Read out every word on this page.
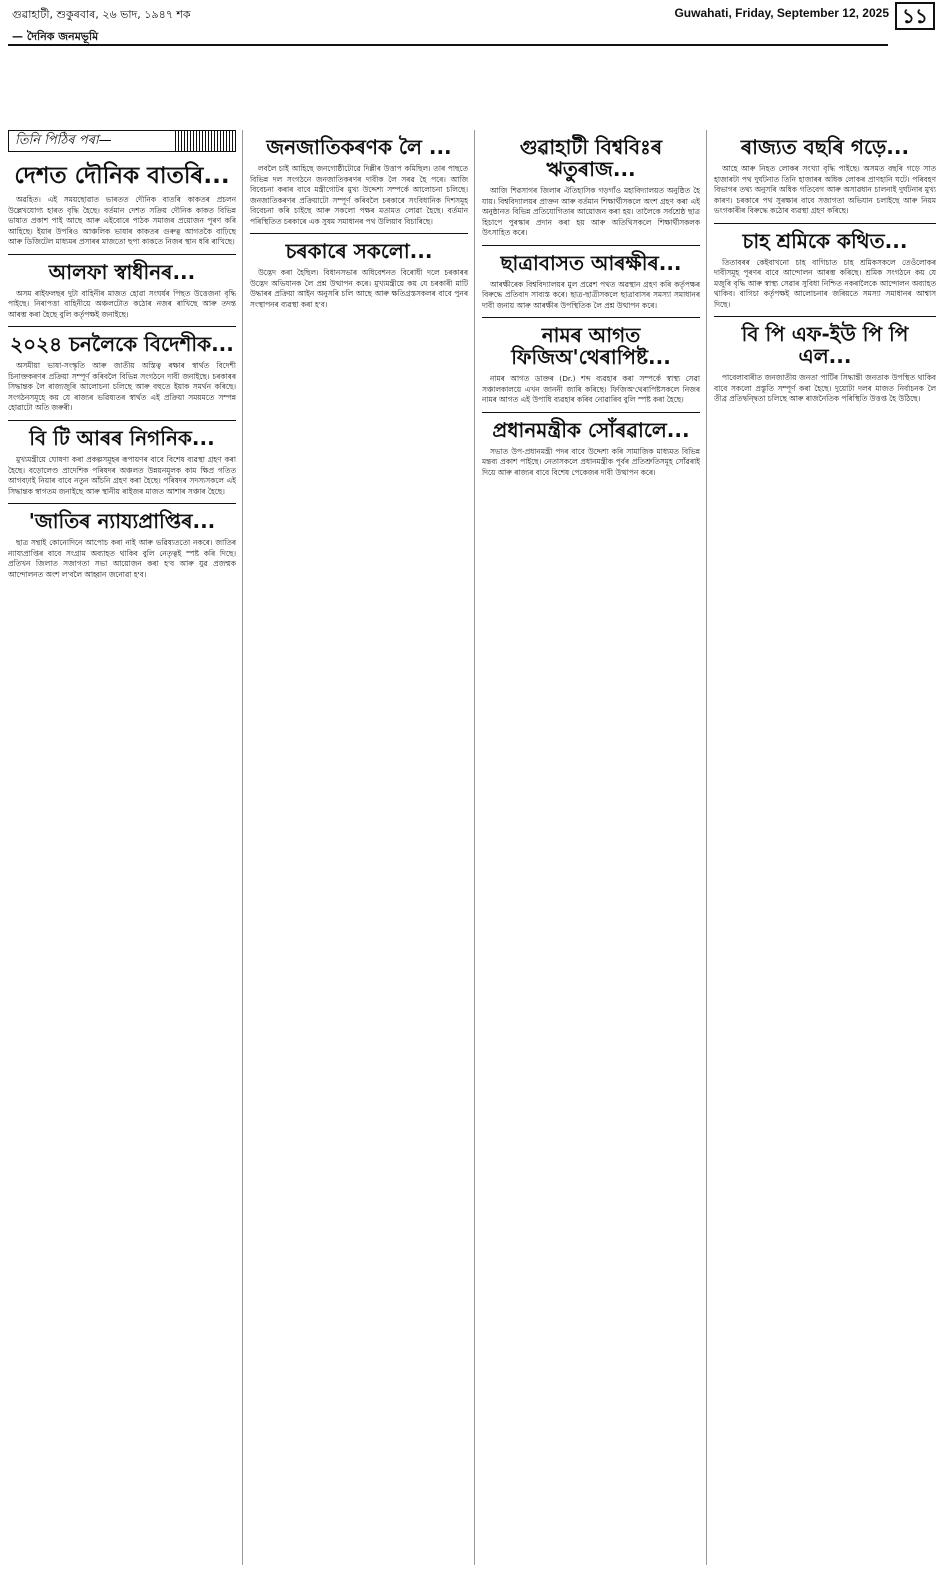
গুৱাহাটী, শুকুৰবাৰ, ২৬ ভাদ, ১৯৪৭ শক	Guwahati, Friday, September 12, 2025 ১১
— দৈনিক জনমভূমি
তিনি পিঠিৰ পৰা—
দেশত দৌনিক বাতৰি...

অৱহিত। এই সময়ছোৱাত ভাৰতত দৌনিক বাতৰি কাকতৰ প্ৰচলন উল্লেখযোগ্য হাৰত বৃদ্ধি হৈছে। বৰ্তমান দেশত সক্ৰিয় দৌনিক কাকত বিভিন্ন ভাষাত প্ৰকাশ পাই আছে আৰু এইবোৰে পাঠক সমাজৰ প্ৰয়োজন পূৰণ কৰি আহিছে। ইয়াৰ উপৰিও আঞ্চলিক ভাষাৰ কাকতৰ গুৰুত্ব আগতকৈ বাঢ়িছে আৰু ডিজিটেল মাধ্যমৰ প্ৰসাৰৰ মাজতো ছপা কাকতে নিজৰ স্থান ধৰি ৰাখিছে।

আলফা স্বাধীনৰ...

অসম ৰাইফলছৰ দুটা বাহিনীৰ মাজত হোৱা সংঘৰ্ষৰ পিছত উত্তেজনা বৃদ্ধি পাইছে। নিৰাপত্তা বাহিনীয়ে অঞ্চলটোত কঠোৰ নজৰ ৰাখিছে আৰু তদন্ত আৰম্ভ কৰা হৈছে বুলি কৰ্তৃপক্ষই জনাইছে।

২০২৪ চনলৈকে বিদেশীক...

অসমীয়া ভাষা-সংস্কৃতি আৰু জাতীয় অস্তিত্ব ৰক্ষাৰ স্বাৰ্থত বিদেশী চিনাক্তকৰণৰ প্ৰক্ৰিয়া সম্পূৰ্ণ কৰিবলৈ বিভিন্ন সংগঠনে দাবী জনাইছে। চৰকাৰৰ সিদ্ধান্তক লৈ ৰাজ্যজুৰি আলোচনা চলিছে আৰু বহুতে ইয়াক সমৰ্থন কৰিছে। সংগঠনসমূহে কয় যে ৰাজ্যৰ ভৱিষ্যতৰ স্বাৰ্থত এই প্ৰক্ৰিয়া সময়মতে সম্পন্ন হোৱাটো অতি জৰুৰী।

বি টি আৰৰ নিগনিক...

মুখ্যমন্ত্ৰীয়ে ঘোষণা কৰা প্ৰকল্পসমূহৰ ৰূপায়ণৰ বাবে বিশেষ ব্যৱস্থা গ্ৰহণ কৰা হৈছে। বড়োলেণ্ড প্ৰাদেশিক পৰিষদৰ অঞ্চলত উন্নয়নমূলক কাম ক্ষিপ্ৰ গতিত আগবঢ়াই নিয়াৰ বাবে নতুন আঁচনি গ্ৰহণ কৰা হৈছে। পৰিষদৰ সদস্যসকলে এই সিদ্ধান্তক স্বাগতম জনাইছে আৰু স্থানীয় ৰাইজৰ মাজত আশাৰ সঞ্চাৰ হৈছে।

'জাতিৰ ন্যায্যপ্ৰাপ্তিৰ...

ছাত্ৰ সন্থাই কোনোদিনে আপোচ কৰা নাই আৰু ভৱিষ্যততো নকৰে। জাতিৰ ন্যায্যপ্ৰাপ্তিৰ বাবে সংগ্ৰাম অব্যাহত থাকিব বুলি নেতৃত্বই স্পষ্ট কৰি দিছে। প্ৰতিখন জিলাত সজাগতা সভা আয়োজন কৰা হ'ব আৰু যুৱ প্ৰজন্মক আন্দোলনত অংশ ল'বলৈ আহ্বান জনোৱা হ'ব।

জনজাতিকৰণক লৈ ...

লবলৈ চাই আহিছে জনগোষ্ঠীটোৱে দিল্লীৰ উত্তাপ কমিছিল। তাৰ পাছতে বিভিন্ন দল সংগঠনে জনজাতিকৰণৰ দাবীক লৈ সৰৱ হৈ পৰে। আজি বিবেচনা কৰাৰ বাবে মন্ত্ৰীগোটৰ মুখ্য উদ্দেশ্য সম্পৰ্কে আলোচনা চলিছে। জনজাতিকৰণৰ প্ৰক্ৰিয়াটো সম্পূৰ্ণ কৰিবলৈ চৰকাৰে সংবিধানিক দিশসমূহ বিবেচনা কৰি চাইছে আৰু সকলো পক্ষৰ মতামত লোৱা হৈছে। বৰ্তমান পৰিস্থিতিত চৰকাৰে এক সুষম সমাধানৰ পথ উলিয়াব বিচাৰিছে।

চৰকাৰে সকলো...

উদ্ভেদ কৰা হৈছিল। বিধানসভাৰ অধিবেশনত বিৰোধী দলে চৰকাৰৰ উদ্ভেদ অভিযানক লৈ প্ৰশ্ন উত্থাপন কৰে। মুখ্যমন্ত্ৰীয়ে কয় যে চৰকাৰী মাটি উদ্ধাৰৰ প্ৰক্ৰিয়া আইন অনুসৰি চলি আছে আৰু ক্ষতিগ্ৰস্তসকলৰ বাবে পুনৰ সংস্থাপনৰ ব্যৱস্থা কৰা হ'ব।

গুৱাহাটী বিশ্ববিঃৰ ঋতুৰাজ...

আজি শিৱসাগৰ জিলাৰ ঐতিহাসিক গড়গাঁও মহাবিদ্যালয়ত অনুষ্ঠিত হৈ যায়। বিশ্ববিদ্যালয়ৰ প্ৰাক্তন আৰু বৰ্তমান শিক্ষাৰ্থীসকলে অংশ গ্ৰহণ কৰা এই অনুষ্ঠানত বিভিন্ন প্ৰতিযোগিতাৰ আয়োজন কৰা হয়। তালৈকে সৰ্বশ্ৰেষ্ঠ ছাত্ৰ হিচাপে পুৰস্কাৰ প্ৰদান কৰা হয় আৰু অতিথিসকলে শিক্ষাৰ্থীসকলক উৎসাহিত কৰে।

ছাত্ৰাবাসত আৰক্ষীৰ...

আৰক্ষীৰেক বিশ্ববিদ্যালয়ৰ মুল প্ৰৱেশ পথত অৱস্থান গ্ৰহণ কৰি কৰ্তৃপক্ষৰ বিৰুদ্ধে প্ৰতিবাদ সাব্যস্ত কৰে। ছাত্ৰ-ছাত্ৰীসকলে ছাত্ৰাবাসৰ সমস্যা সমাধানৰ দাবী জনায় আৰু আৰক্ষীৰ উপস্থিতিক লৈ প্ৰশ্ন উত্থাপন কৰে।

নামৰ আগত ফিজিঅ'থেৰাপিষ্ট...

নামৰ আগত ডাক্তৰ (Dr.) শব্দ ব্যৱহাৰ কৰা সম্পৰ্কে স্বাস্থ্য সেৱা সঞ্চালকালয়ে এখন জাননী জাৰি কৰিছে। ফিজিঅ'থেৰাপিষ্টসকলে নিজৰ নামৰ আগত এই উপাধি ব্যৱহাৰ কৰিব নোৱাৰিব বুলি স্পষ্ট কৰা হৈছে।

প্ৰধানমন্ত্ৰীক সোঁৰৱালে...

সভাত উপ-প্ৰধানমন্ত্ৰী পদৰ বাবে উদ্দেশ্য কৰি সামাজিক মাধ্যমত বিভিন্ন মন্তব্য প্ৰকাশ পাইছে। নেতাসকলে প্ৰধানমন্ত্ৰীক পূৰ্বৰ প্ৰতিশ্ৰুতিসমূহ সোঁৱৰাই দিয়ে আৰু ৰাজ্যৰ বাবে বিশেষ পেকেজৰ দাবী উত্থাপন কৰে।

ৰাজ্যত বছৰি গড়ে...

আহে আৰু নিহত লোকৰ সংখ্যা বৃদ্ধি পাইছে। অসমত বছৰি গড়ে সাত হাজাৰটা পথ দুৰ্ঘটনাত তিনি হাজাৰৰ অধিক লোকৰ প্ৰাণহানি ঘটে। পৰিবহণ বিভাগৰ তথ্য অনুসৰি অধিক গতিবেগ আৰু অসাৱধান চালনাই দুৰ্ঘটনাৰ মুখ্য কাৰণ। চৰকাৰে পথ সুৰক্ষাৰ বাবে সজাগতা অভিযান চলাইছে আৰু নিয়ম ভংগকাৰীৰ বিৰুদ্ধে কঠোৰ ব্যৱস্থা গ্ৰহণ কৰিছে।

চাহ শ্ৰমিকে কথিত...

তিতাবৰৰ কেইবাখনো চাহ বাগিচাত চাহ শ্ৰমিকসকলে তেওঁলোকৰ দাবীসমূহ পূৰণৰ বাবে আন্দোলন আৰম্ভ কৰিছে। শ্ৰমিক সংগঠনে কয় যে মজুৰি বৃদ্ধি আৰু স্বাস্থ্য সেৱাৰ সুবিধা নিশ্চিত নকৰালৈকে আন্দোলন অব্যাহত থাকিব। বাগিচা কৰ্তৃপক্ষই আলোচনাৰ জৰিয়তে সমস্যা সমাধানৰ আশ্বাস দিছে।

বি পি এফ-ইউ পি পি এল...

পাবেলাবাৰীত জনজাতীয় জনতা পাৰ্টিৰ সিদ্ধান্তী জনতাক উপস্থিত থাকিব বাবে সকলো প্ৰস্তুতি সম্পূৰ্ণ কৰা হৈছে। দুয়োটা দলৰ মাজত নিৰ্বাচনক লৈ তীব্ৰ প্ৰতিদ্বন্দ্বিতা চলিছে আৰু ৰাজনৈতিক পৰিস্থিতি উত্তপ্ত হৈ উঠিছে।
